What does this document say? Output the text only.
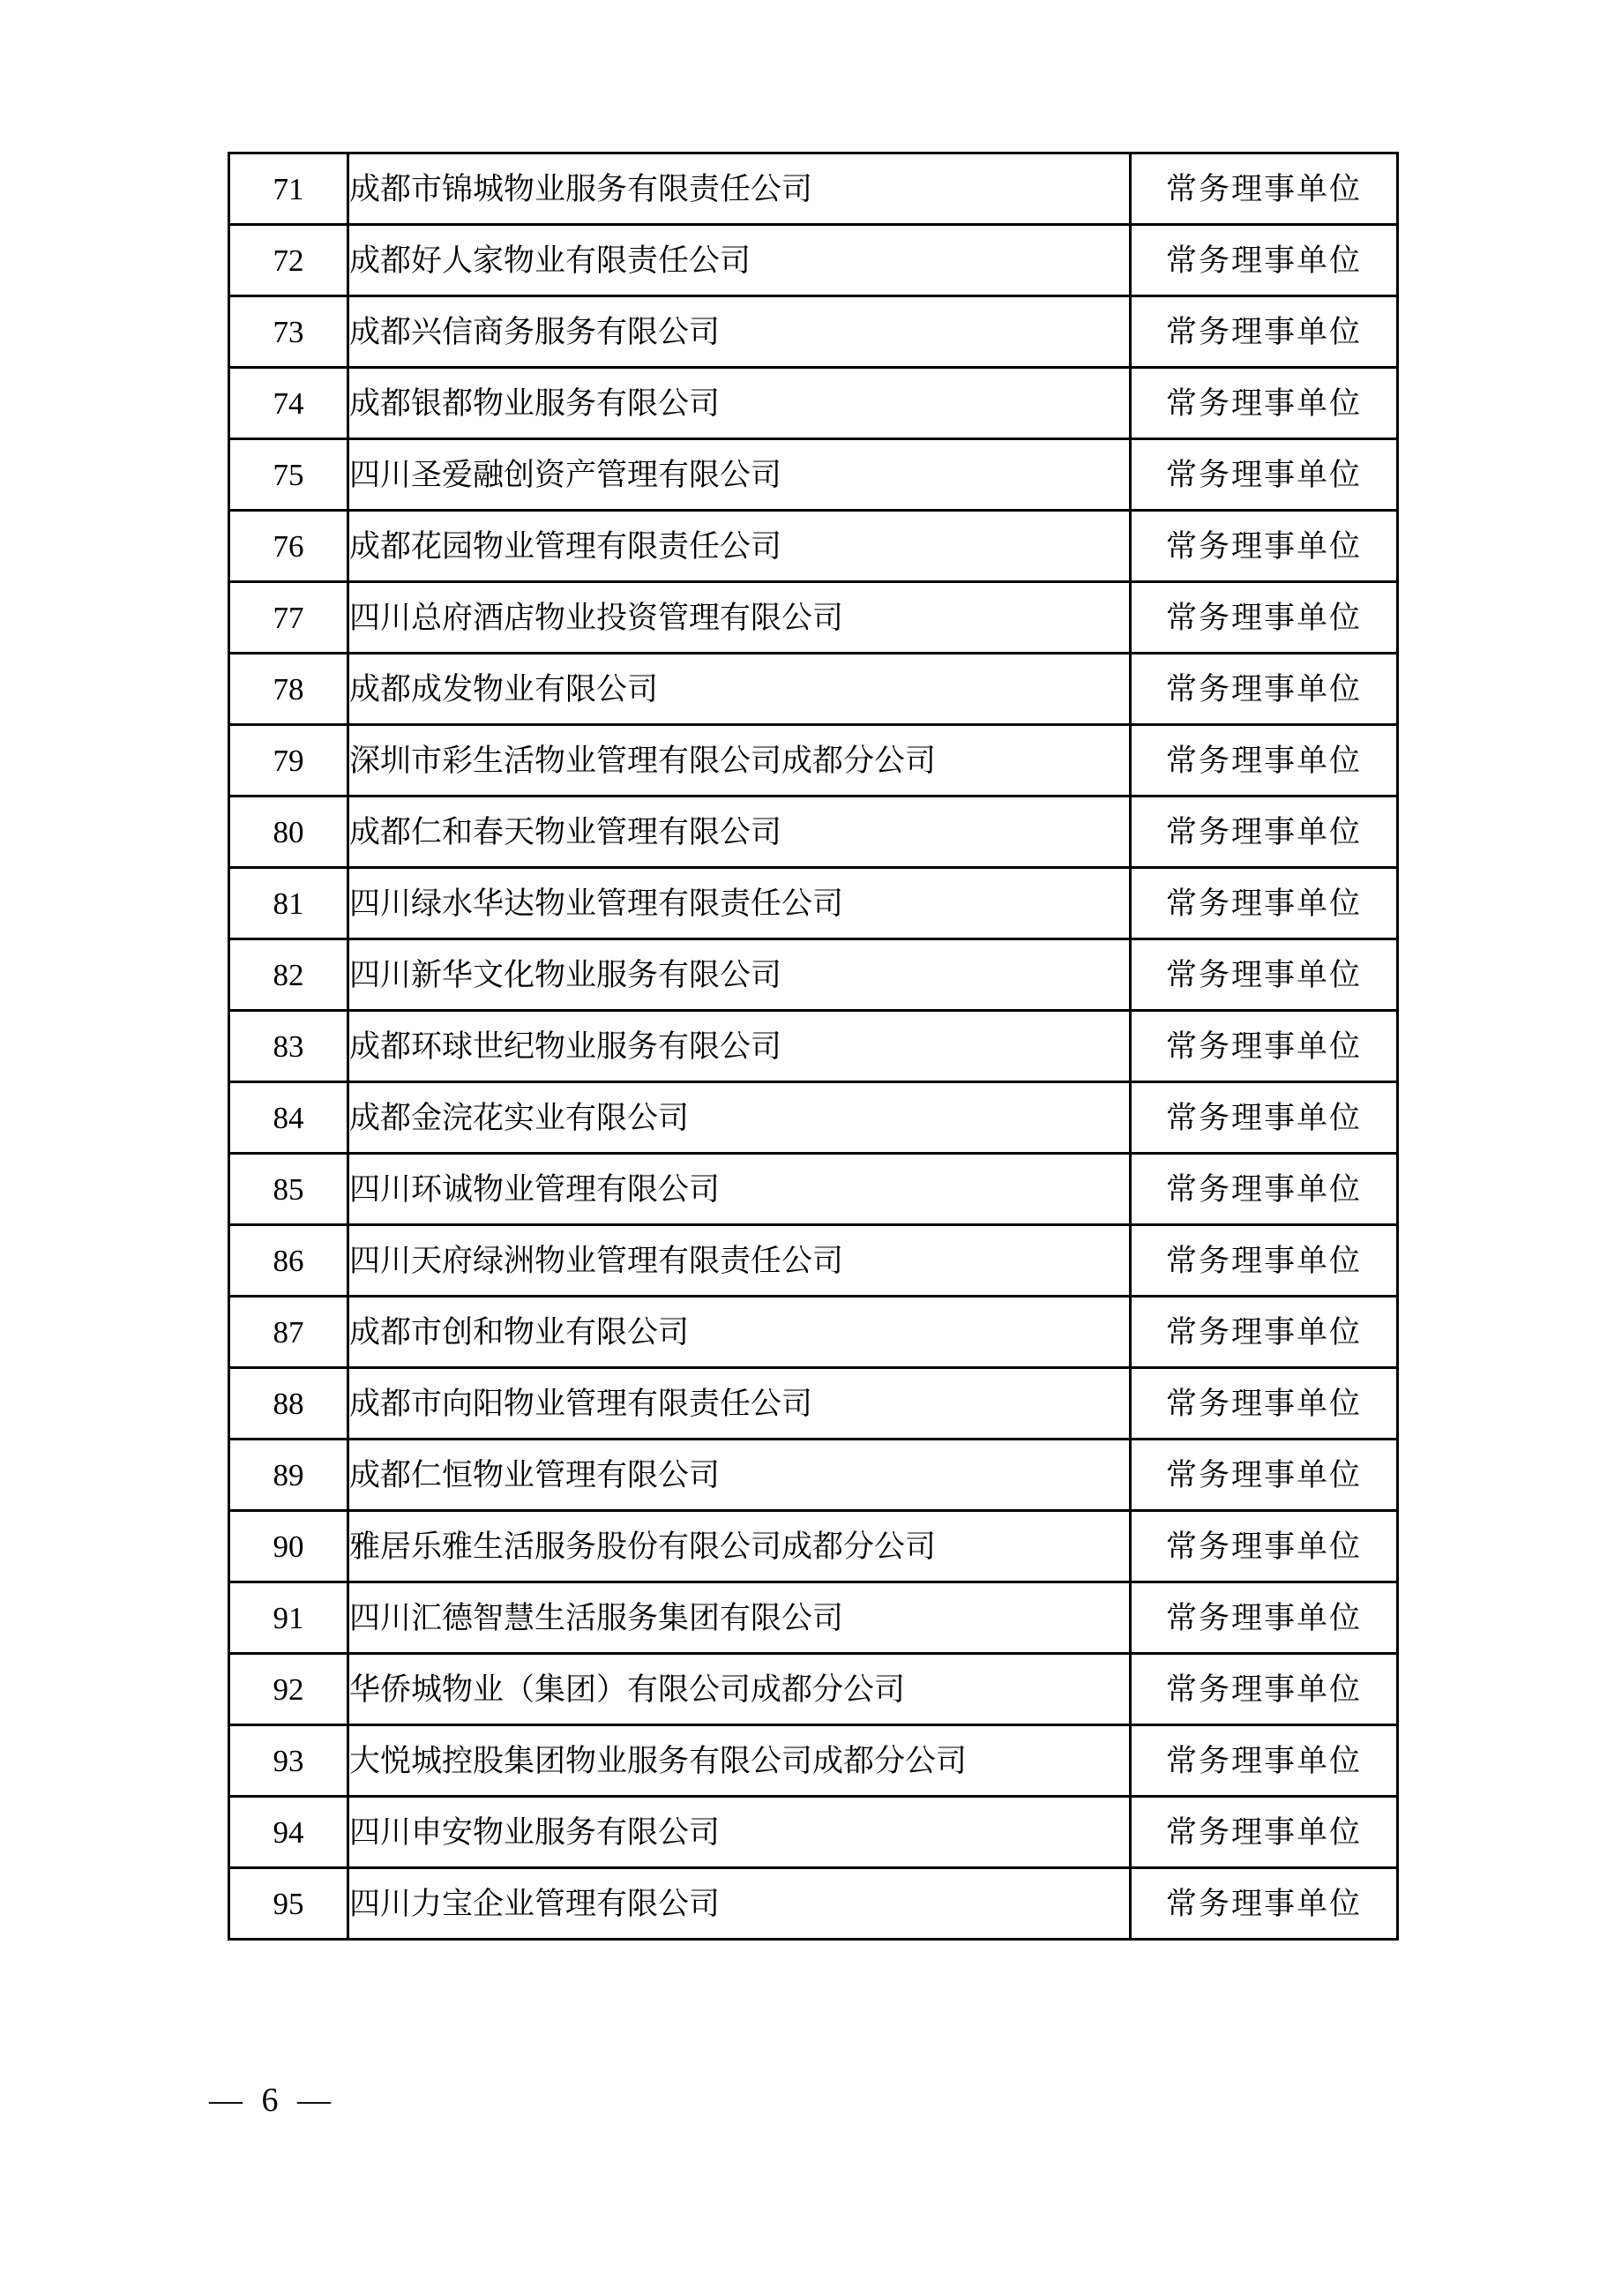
71	成都市锦城物业服务有限责任公司	常务理事单位
72	成都好人家物业有限责任公司	常务理事单位
73	成都兴信商务服务有限公司	常务理事单位
74	成都银都物业服务有限公司	常务理事单位
75	四川圣爱融创资产管理有限公司	常务理事单位
76	成都花园物业管理有限责任公司	常务理事单位
77	四川总府酒店物业投资管理有限公司	常务理事单位
78	成都成发物业有限公司	常务理事单位
79	深圳市彩生活物业管理有限公司成都分公司	常务理事单位
80	成都仁和春天物业管理有限公司	常务理事单位
81	四川绿水华达物业管理有限责任公司	常务理事单位
82	四川新华文化物业服务有限公司	常务理事单位
83	成都环球世纪物业服务有限公司	常务理事单位
84	成都金浣花实业有限公司	常务理事单位
85	四川环诚物业管理有限公司	常务理事单位
86	四川天府绿洲物业管理有限责任公司	常务理事单位
87	成都市创和物业有限公司	常务理事单位
88	成都市向阳物业管理有限责任公司	常务理事单位
89	成都仁恒物业管理有限公司	常务理事单位
90	雅居乐雅生活服务股份有限公司成都分公司	常务理事单位
91	四川汇德智慧生活服务集团有限公司	常务理事单位
92	华侨城物业（集团）有限公司成都分公司	常务理事单位
93	大悦城控股集团物业服务有限公司成都分公司	常务理事单位
94	四川申安物业服务有限公司	常务理事单位
95	四川力宝企业管理有限公司	常务理事单位
— 6 —
